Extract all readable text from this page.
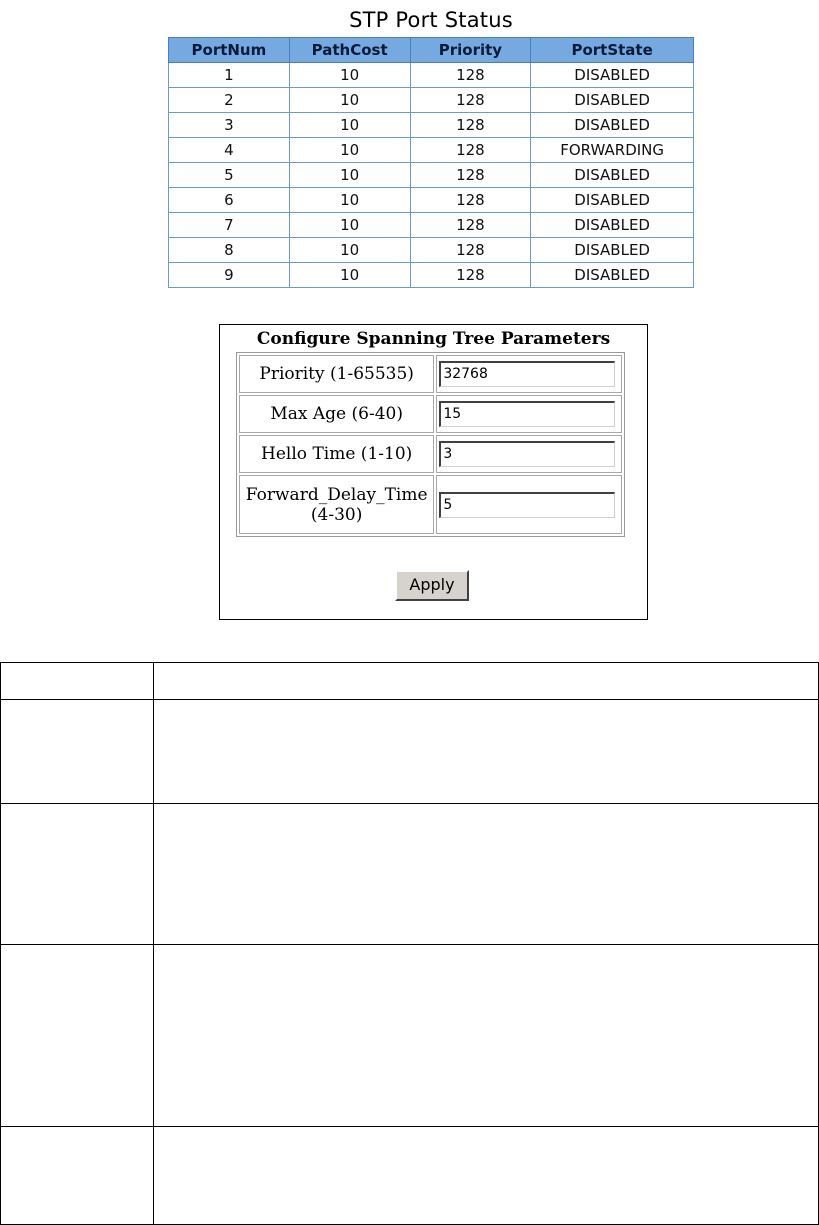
STP Port Status
PortNum	PathCost	Priority	PortState
1	10	128	DISABLED
2	10	128	DISABLED
3	10	128	DISABLED
4	10	128	FORWARDING
5	10	128	DISABLED
6	10	128	DISABLED
7	10	128	DISABLED
8	10	128	DISABLED
9	10	128	DISABLED
Configure Spanning Tree Parameters
Priority (1-65535)	32768

Max Age (6-40)	15

Hello Time (1-10)	3

Forward_Delay_Time
(4-30)	5
Apply
